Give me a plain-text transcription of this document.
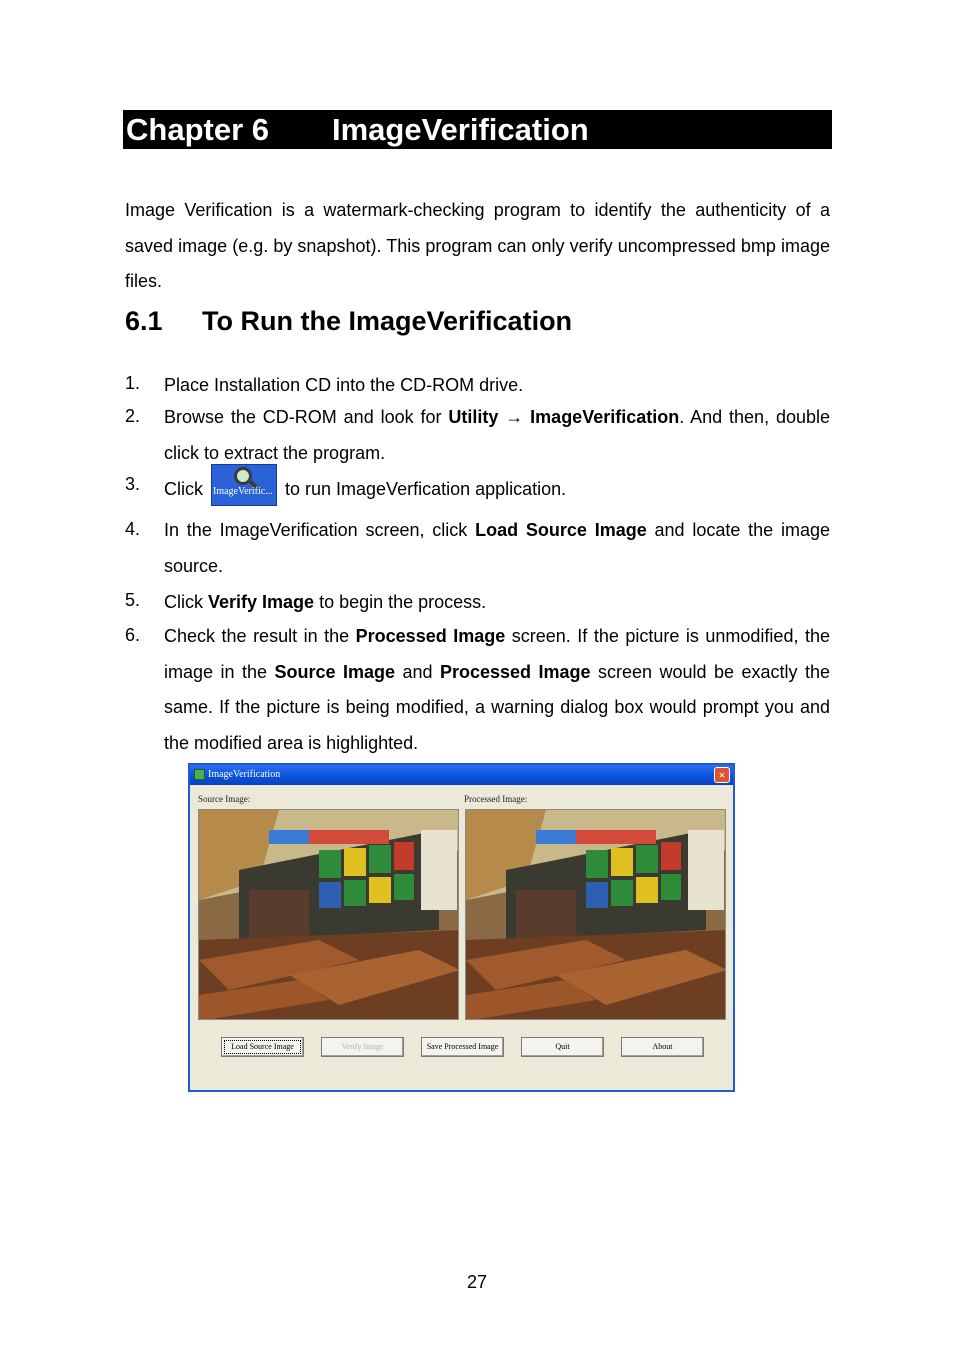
Chapter 6 ImageVerification

Image Verification is a watermark-checking program to identify the authenticity of a saved image (e.g. by snapshot). This program can only verify uncompressed bmp image files.

6.1 To Run the ImageVerification
1. Place Installation CD into the CD-ROM drive.
2. Browse the CD-ROM and look for Utility → ImageVerification. And then, double click to extract the program.
3. Click ImageVerific... to run ImageVerfication application.
4. In the ImageVerification screen, click Load Source Image and locate the image source.
5. Click Verify Image to begin the process.
6. Check the result in the Processed Image screen. If the picture is unmodified, the image in the Source Image and Processed Image screen would be exactly the same. If the picture is being modified, a warning dialog box would prompt you and the modified area is highlighted.
ImageVerification	×
Source Image:	Processed Image:
Load Source Image	Verify Image	Save Processed Image	Quit	About
27
